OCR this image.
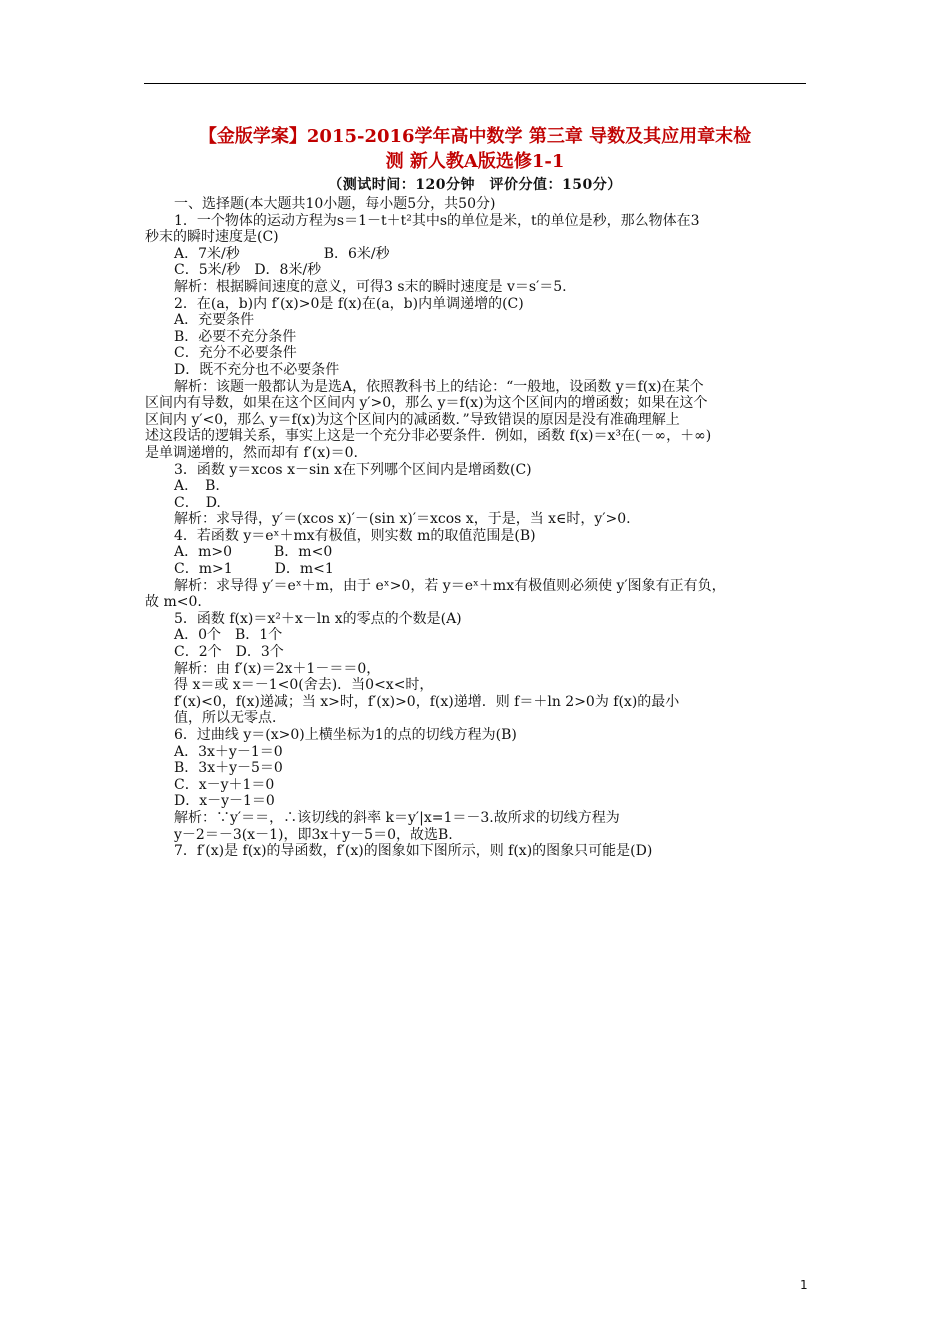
【金版学案】2015-2016学年高中数学 第三章 导数及其应用章末检
测 新人教A版选修1-1
（测试时间：120分钟　评价分值：150分）

一、选择题(本大题共10小题，每小题5分，共50分)

1．一个物体的运动方程为s＝1－t＋t²其中s的单位是米，t的单位是秒，那么物体在3

秒末的瞬时速度是(C)

A．7米/秒　　　　　　B．6米/秒

C．5米/秒　D．8米/秒

解析：根据瞬间速度的意义，可得3 s末的瞬时速度是 v＝s′＝5.

2．在(a，b)内 f′(x)>0是 f(x)在(a，b)内单调递增的(C)

A．充要条件

B．必要不充分条件

C．充分不必要条件

D．既不充分也不必要条件

解析：该题一般都认为是选A，依照教科书上的结论：“一般地，设函数 y＝f(x)在某个

区间内有导数，如果在这个区间内 y′>0，那么 y＝f(x)为这个区间内的增函数；如果在这个

区间内 y′<0，那么 y＝f(x)为这个区间内的减函数．”导致错误的原因是没有准确理解上

述这段话的逻辑关系，事实上这是一个充分非必要条件．例如，函数 f(x)＝x³在(－∞，＋∞)

是单调递增的，然而却有 f′(x)＝0.

3．函数 y＝xcos x－sin x在下列哪个区间内是增函数(C)

A．　B.

C．　D.

解析：求导得，y′＝(xcos x)′－(sin x)′＝xcos x，于是，当 x∈时，y′>0.

4．若函数 y＝eˣ＋mx有极值，则实数 m的取值范围是(B)

A．m>0　　　B．m<0

C．m>1　　　D．m<1

解析：求导得 y′＝eˣ＋m，由于 eˣ>0，若 y＝eˣ＋mx有极值则必须使 y′图象有正有负，

故 m<0.

5．函数 f(x)＝x²＋x－ln x的零点的个数是(A)

A．0个　B．1个

C．2个　D．3个

解析：由 f′(x)＝2x＋1－＝＝0，

得 x＝或 x＝－1<0(舍去)．当0<x<时，

f′(x)<0，f(x)递减；当 x>时，f′(x)>0，f(x)递增．则 f＝＋ln 2>0为 f(x)的最小

值，所以无零点．

6．过曲线 y＝(x>0)上横坐标为1的点的切线方程为(B)

A．3x＋y－1＝0

B．3x＋y－5＝0

C．x－y＋1＝0

D．x－y－1＝0

解析：∵y′＝＝，∴该切线的斜率 k＝y′|x=1＝－3.故所求的切线方程为

y－2＝－3(x－1)，即3x＋y－5＝0，故选B.

7．f′(x)是 f(x)的导函数，f′(x)的图象如下图所示，则 f(x)的图象只可能是(D)

1
